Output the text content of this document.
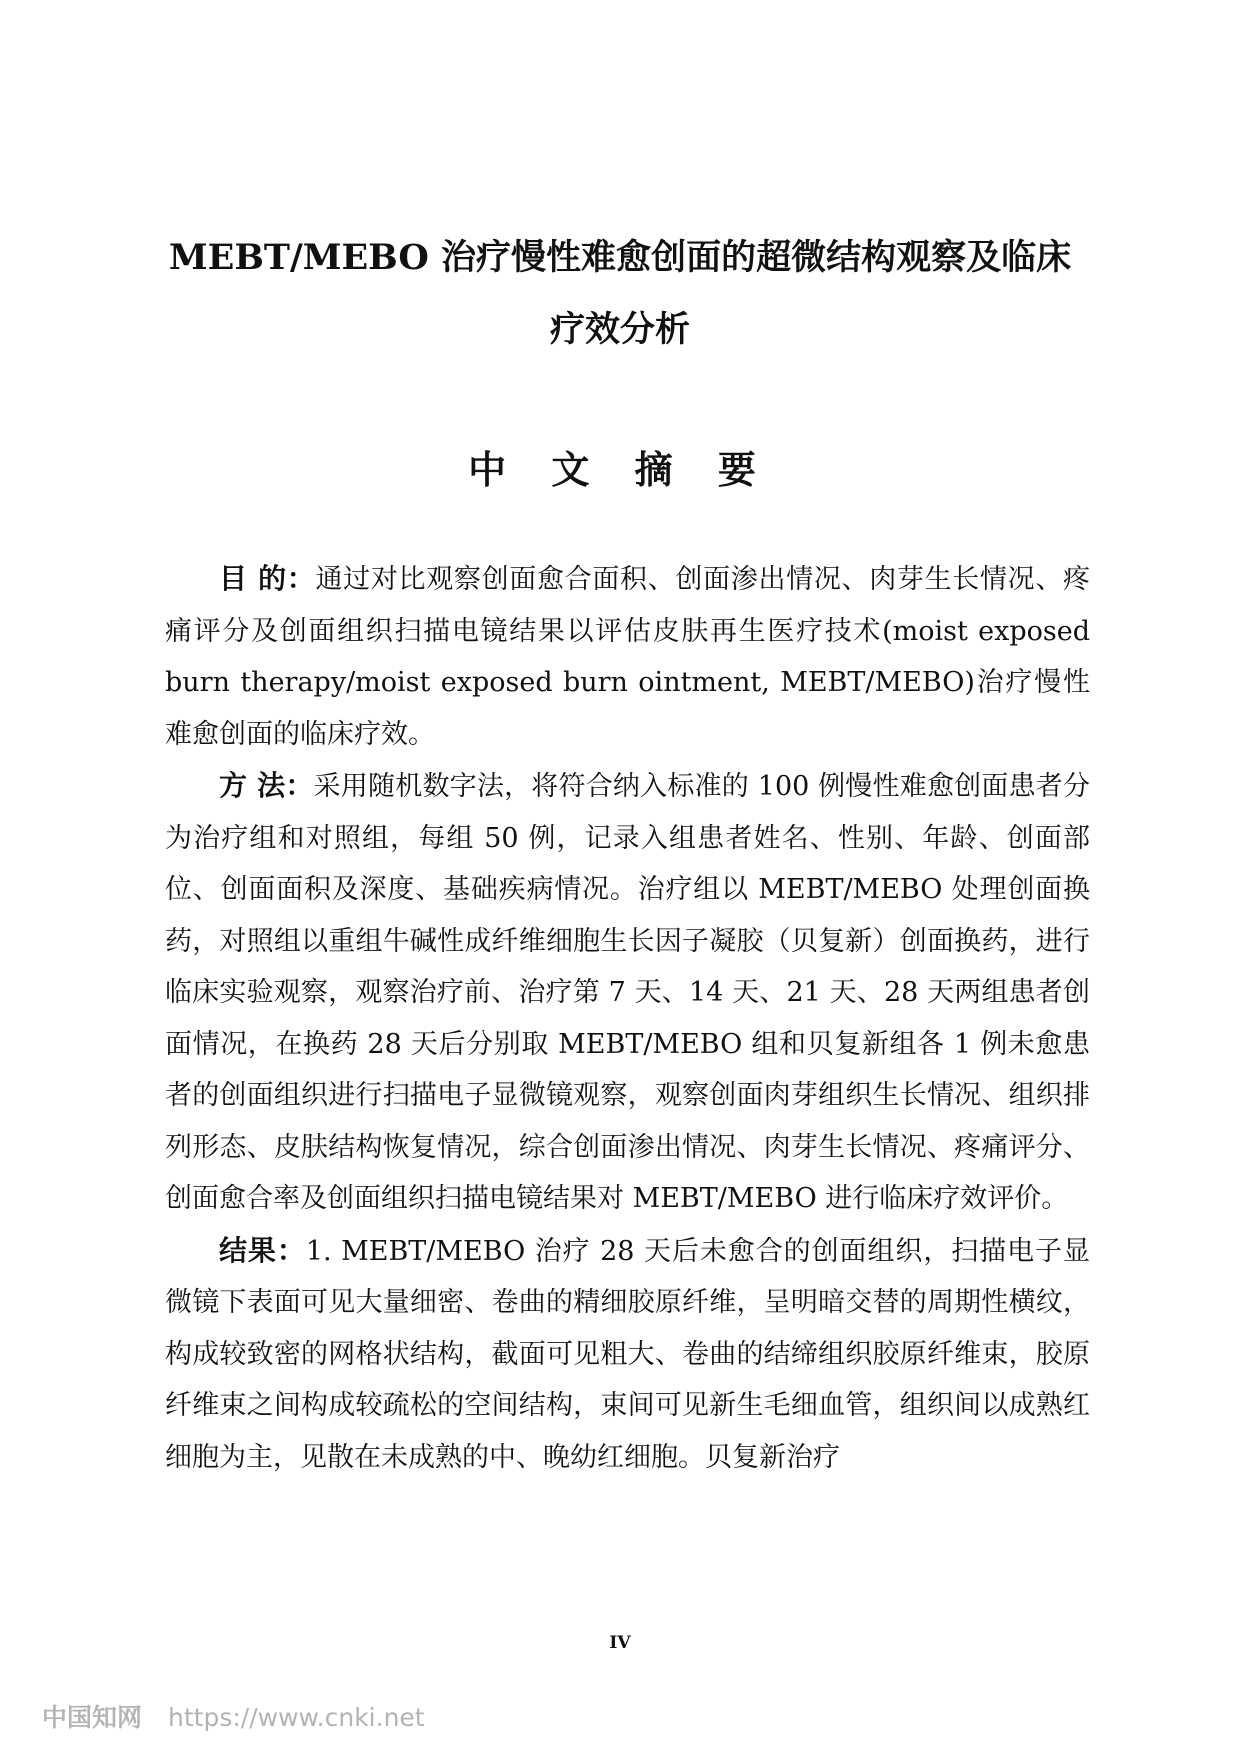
MEBT/MEBO 治疗慢性难愈创面的超微结构观察及临床
疗效分析
中 文 摘 要

目 的：通过对比观察创面愈合面积、创面渗出情况、肉芽生长情况、疼痛评分及创面组织扫描电镜结果以评估皮肤再生医疗技术(moist exposed burn therapy/moist exposed burn ointment, MEBT/MEBO)治疗慢性难愈创面的临床疗效。

方 法：采用随机数字法，将符合纳入标准的 100 例慢性难愈创面患者分为治疗组和对照组，每组 50 例，记录入组患者姓名、性别、年龄、创面部位、创面面积及深度、基础疾病情况。治疗组以 MEBT/MEBO 处理创面换药，对照组以重组牛碱性成纤维细胞生长因子凝胶（贝复新）创面换药，进行临床实验观察，观察治疗前、治疗第 7 天、14 天、21 天、28 天两组患者创面情况，在换药 28 天后分别取 MEBT/MEBO 组和贝复新组各 1 例未愈患者的创面组织进行扫描电子显微镜观察，观察创面肉芽组织生长情况、组织排列形态、皮肤结构恢复情况，综合创面渗出情况、肉芽生长情况、疼痛评分、创面愈合率及创面组织扫描电镜结果对 MEBT/MEBO 进行临床疗效评价。

结果：1. MEBT/MEBO 治疗 28 天后未愈合的创面组织，扫描电子显微镜下表面可见大量细密、卷曲的精细胶原纤维，呈明暗交替的周期性横纹，构成较致密的网格状结构，截面可见粗大、卷曲的结缔组织胶原纤维束，胶原纤维束之间构成较疏松的空间结构，束间可见新生毛细血管，组织间以成熟红细胞为主，见散在未成熟的中、晚幼红细胞。贝复新治疗

IV
中国知网 https://www.cnki.net
